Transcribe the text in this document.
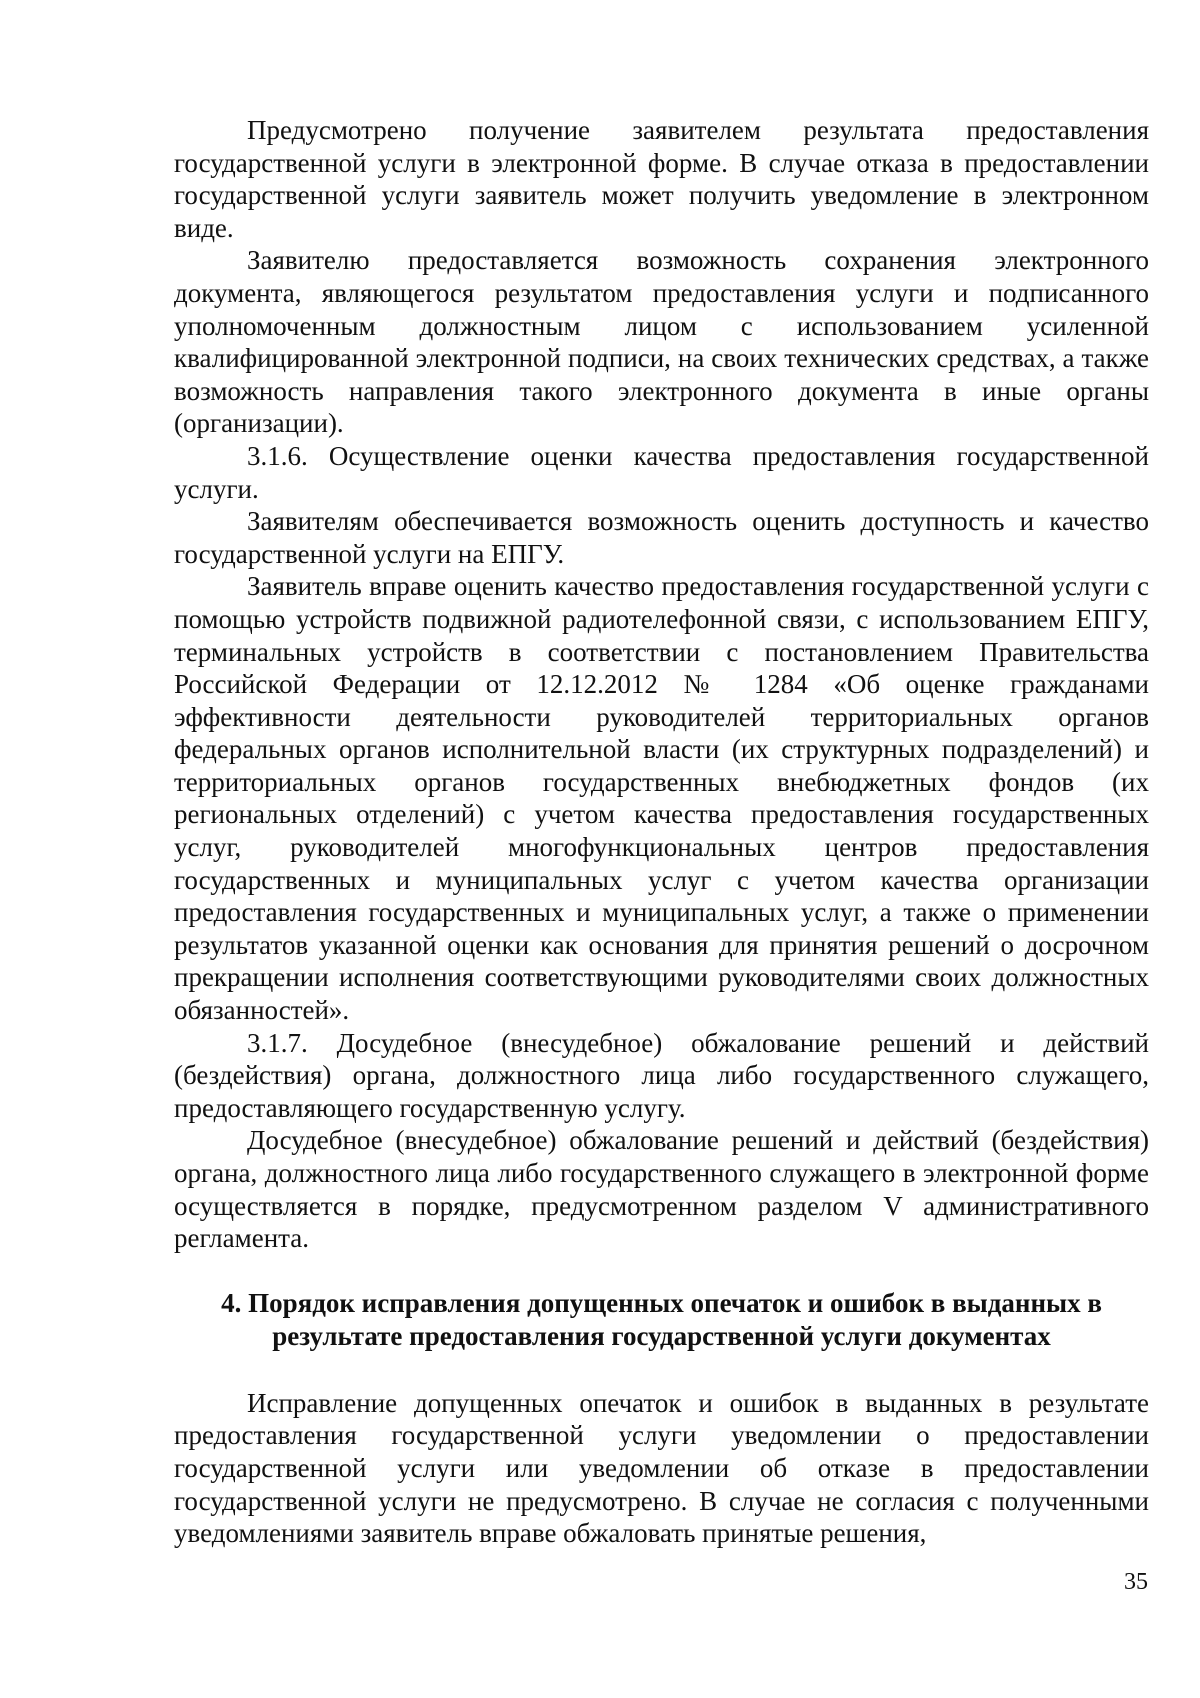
Предусмотрено получение заявителем результата предоставления государственной услуги в электронной форме. В случае отказа в предоставлении государственной услуги заявитель может получить уведомление в электронном виде.

Заявителю предоставляется возможность сохранения электронного документа, являющегося результатом предоставления услуги и подписанного уполномоченным должностным лицом с использованием усиленной квалифицированной электронной подписи, на своих технических средствах, а также возможность направления такого электронного документа в иные органы (организации).

3.1.6. Осуществление оценки качества предоставления государственной услуги.

Заявителям обеспечивается возможность оценить доступность и качество государственной услуги на ЕПГУ.

Заявитель вправе оценить качество предоставления государственной услуги с помощью устройств подвижной радиотелефонной связи, с использованием ЕПГУ, терминальных устройств в соответствии с постановлением Правительства Российской Федерации от 12.12.2012 № 1284 «Об оценке гражданами эффективности деятельности руководителей территориальных органов федеральных органов исполнительной власти (их структурных подразделений) и территориальных органов государственных внебюджетных фондов (их региональных отделений) с учетом качества предоставления государственных услуг, руководителей многофункциональных центров предоставления государственных и муниципальных услуг с учетом качества организации предоставления государственных и муниципальных услуг, а также о применении результатов указанной оценки как основания для принятия решений о досрочном прекращении исполнения соответствующими руководителями своих должностных обязанностей».

3.1.7. Досудебное (внесудебное) обжалование решений и действий (бездействия) органа, должностного лица либо государственного служащего, предоставляющего государственную услугу.

Досудебное (внесудебное) обжалование решений и действий (бездействия) органа, должностного лица либо государственного служащего в электронной форме осуществляется в порядке, предусмотренном разделом V административного регламента.

4. Порядок исправления допущенных опечаток и ошибок в выданных в
результате предоставления государственной услуги документах

Исправление допущенных опечаток и ошибок в выданных в результате предоставления государственной услуги уведомлении о предоставлении государственной услуги или уведомлении об отказе в предоставлении государственной услуги не предусмотрено. В случае не согласия с полученными уведомлениями заявитель вправе обжаловать принятые решения,

35
